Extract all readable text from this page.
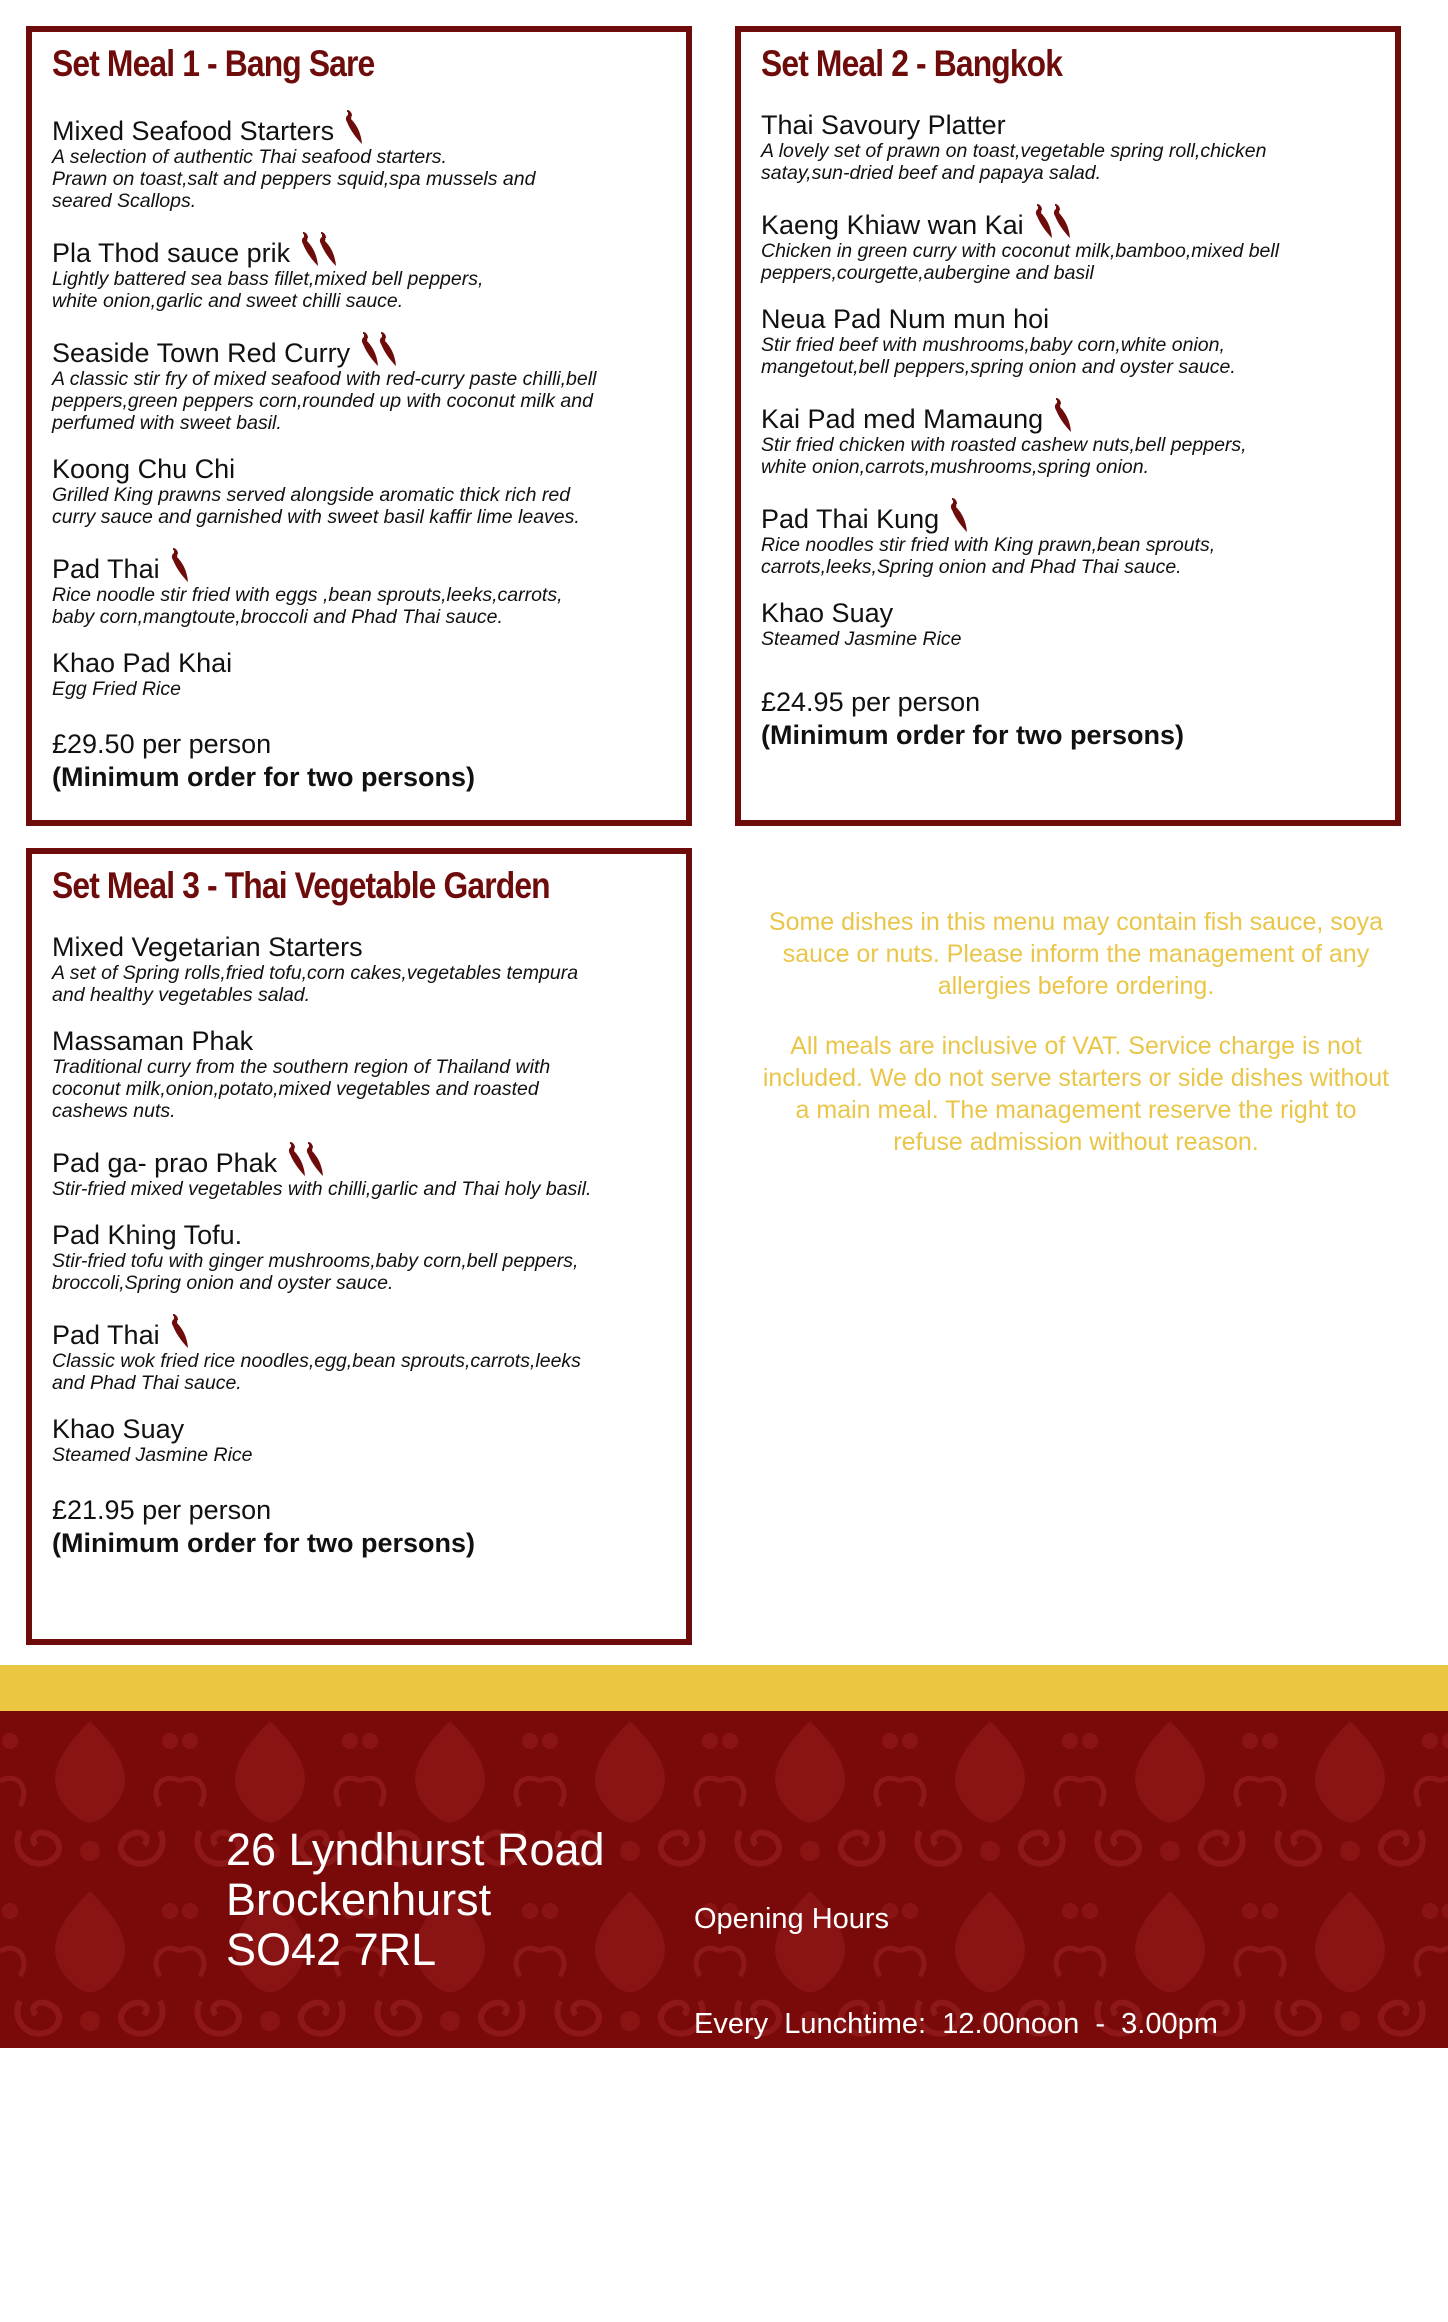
Set Meal 1 - Bang Sare
Mixed Seafood Starters
A selection of authentic Thai seafood starters.
Prawn on toast,salt and peppers squid,spa mussels and
seared Scallops.
Pla Thod sauce prik
Lightly battered sea bass fillet,mixed bell peppers,
white onion,garlic and sweet chilli sauce.
Seaside Town Red Curry
A classic stir fry of mixed seafood with red-curry paste chilli,bell
peppers,green peppers corn,rounded up with coconut milk and
perfumed with sweet basil.
Koong Chu Chi
Grilled King prawns served alongside aromatic thick rich red
curry sauce and garnished with sweet basil kaffir lime leaves.
Pad Thai
Rice noodle stir fried with eggs ,bean sprouts,leeks,carrots,
baby corn,mangtoute,broccoli and Phad Thai sauce.
Khao Pad Khai
Egg Fried Rice
£29.50 per person
(Minimum order for two persons)
Set Meal 2 - Bangkok
Thai Savoury Platter
A lovely set of prawn on toast,vegetable spring roll,chicken
satay,sun-dried beef and papaya salad.
Kaeng Khiaw wan Kai
Chicken in green curry with coconut milk,bamboo,mixed bell
peppers,courgette,aubergine and basil
Neua Pad Num mun hoi
Stir fried beef with mushrooms,baby corn,white onion,
mangetout,bell peppers,spring onion and oyster sauce.
Kai Pad med Mamaung
Stir fried chicken with roasted cashew nuts,bell peppers,
white onion,carrots,mushrooms,spring onion.
Pad Thai Kung
Rice noodles stir fried with King prawn,bean sprouts,
carrots,leeks,Spring onion and Phad Thai sauce.
Khao Suay
Steamed Jasmine Rice
£24.95 per person
(Minimum order for two persons)
Set Meal 3 - Thai Vegetable Garden
Mixed Vegetarian Starters
A set of Spring rolls,fried tofu,corn cakes,vegetables tempura
and healthy vegetables salad.
Massaman Phak
Traditional curry from the southern region of Thailand with
coconut milk,onion,potato,mixed vegetables and roasted
cashews nuts.
Pad ga- prao Phak
Stir-fried mixed vegetables with chilli,garlic and Thai holy basil.
Pad Khing Tofu.
Stir-fried tofu with ginger mushrooms,baby corn,bell peppers,
broccoli,Spring onion and oyster sauce.
Pad Thai
Classic wok fried rice noodles,egg,bean sprouts,carrots,leeks
and Phad Thai sauce.
Khao Suay
Steamed Jasmine Rice
£21.95 per person
(Minimum order for two persons)

Some dishes in this menu may contain fish sauce, soya sauce or nuts. Please inform the management of any allergies before ordering.

All meals are inclusive of VAT. Service charge is not included. We do not serve starters or side dishes without a main meal. The management reserve the right to refuse admission without reason.

26 Lyndhurst Road
Brockenhurst
SO42 7RL

Opening Hours

Every  Lunchtime:  12.00noon  -  3.00pm

Sunday to Thursday: 5.30pm - 10.00pm

Friday and Saturday: 5.30pm - 10.30pm
